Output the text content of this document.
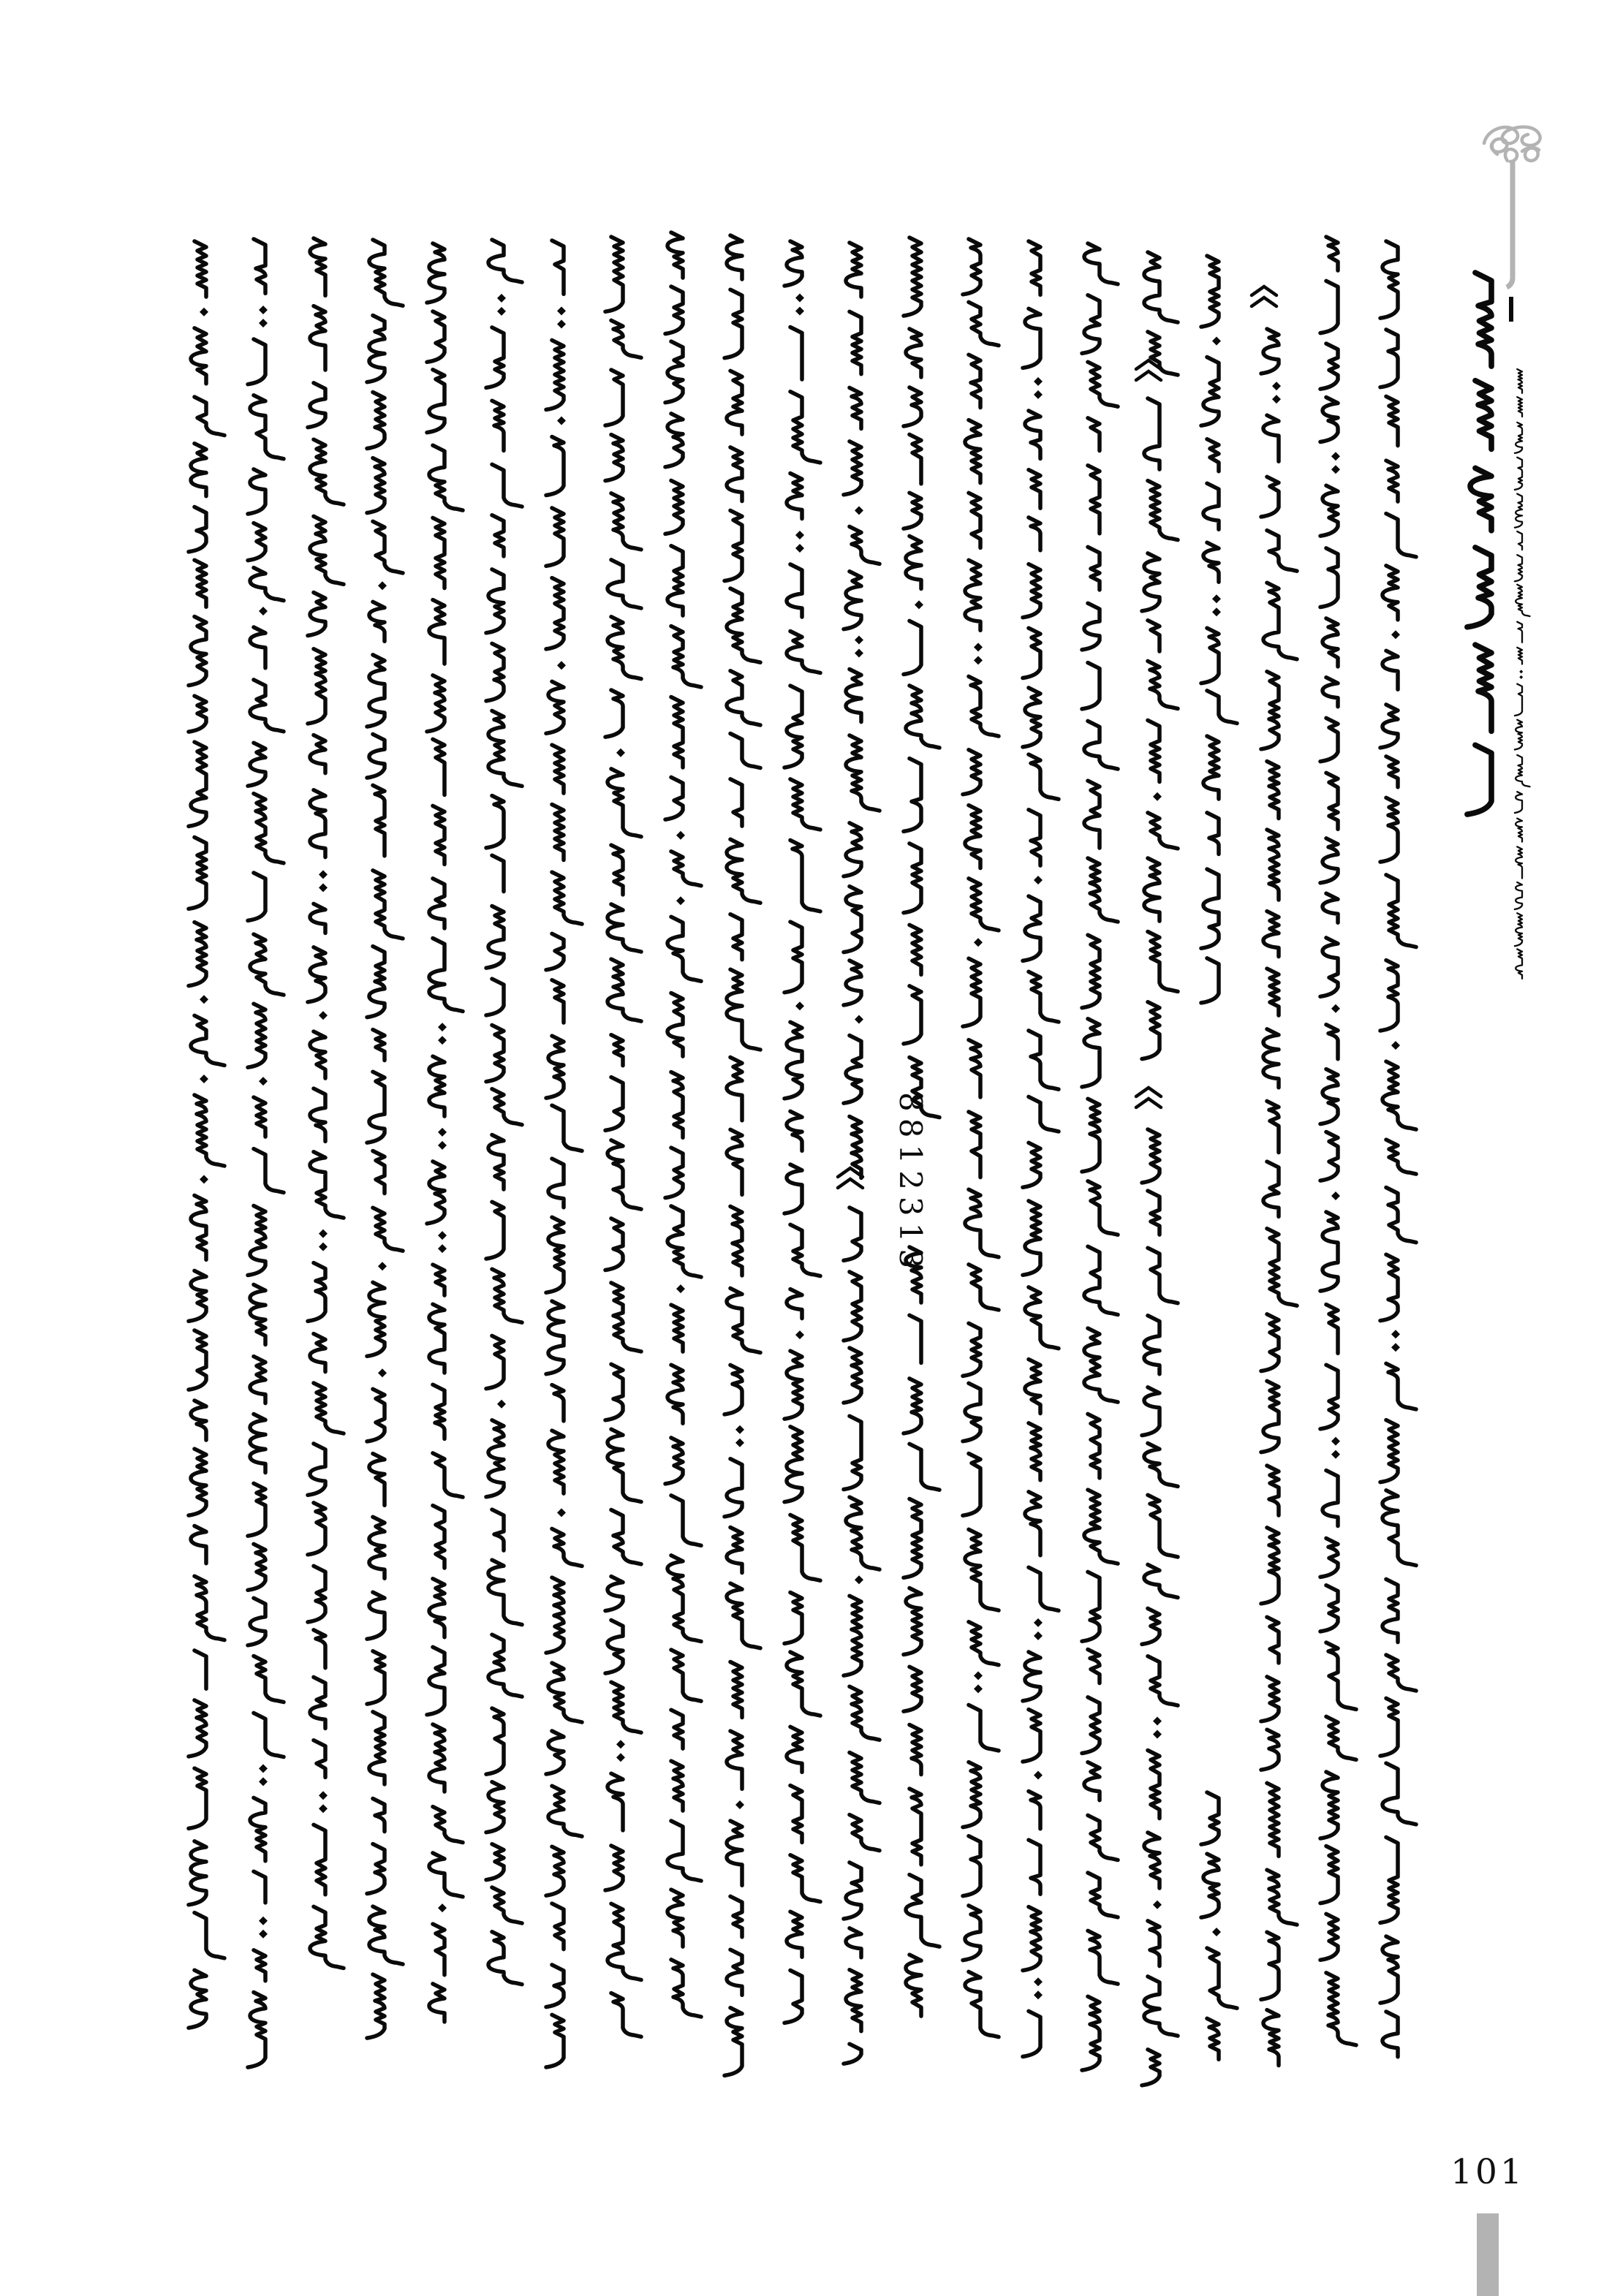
8812313
101
